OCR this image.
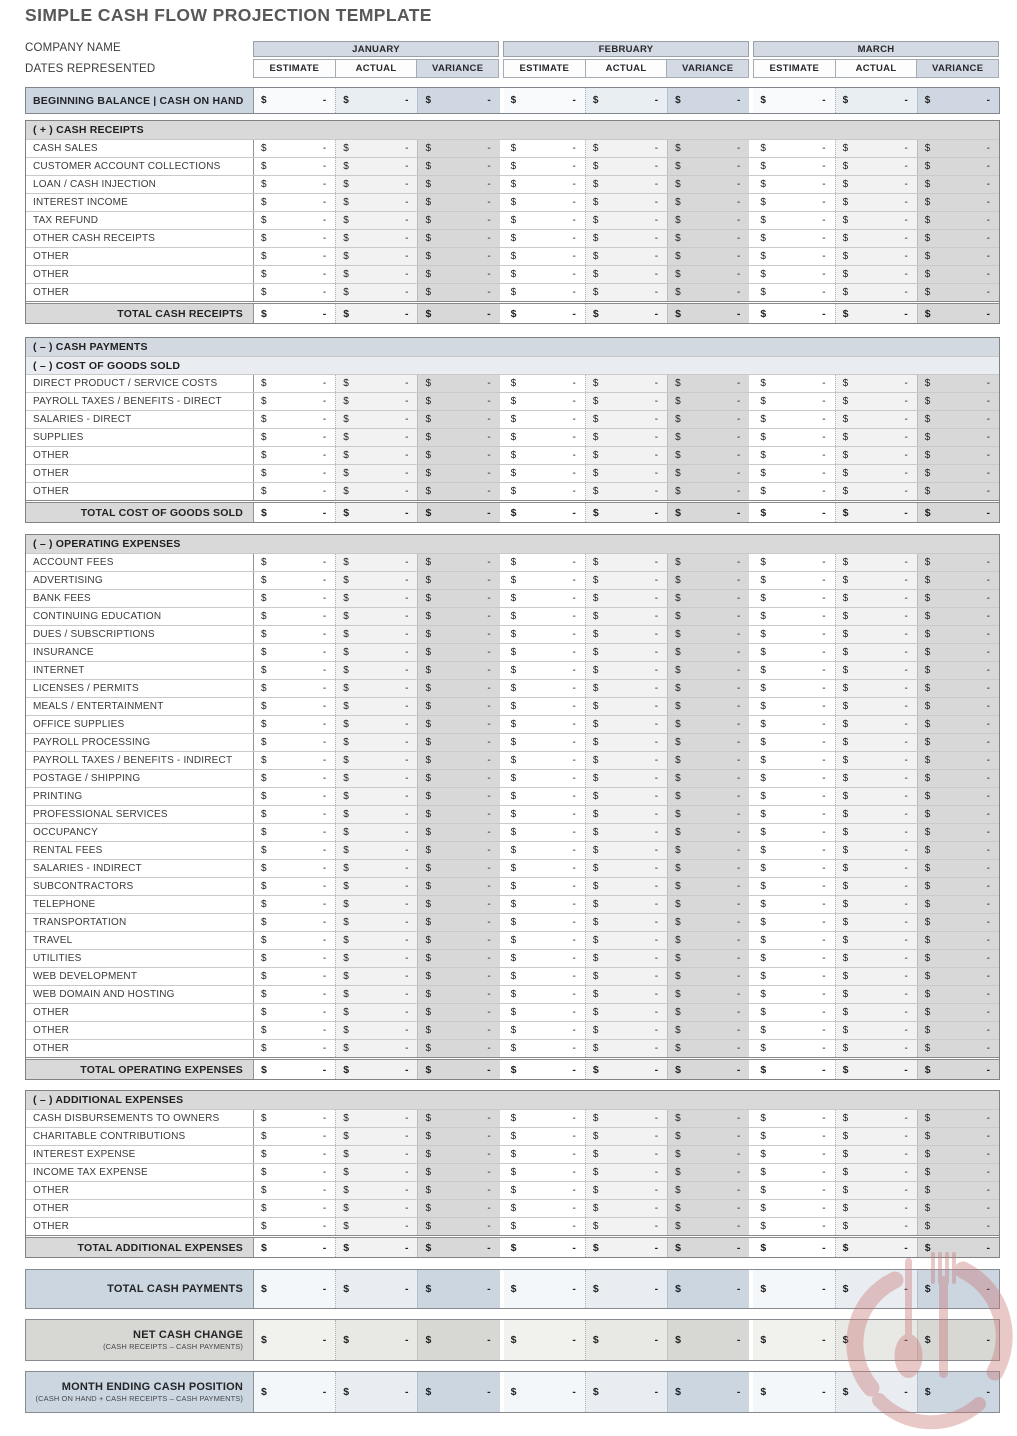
SIMPLE CASH FLOW PROJECTION TEMPLATE
COMPANY NAME
DATES REPRESENTED
JANUARY	FEBRUARY	MARCH
ESTIMATE	ACTUAL	VARIANCE	ESTIMATE	ACTUAL	VARIANCE	ESTIMATE	ACTUAL	VARIANCE
BEGINNING BALANCE | CASH ON HAND	$	- $	- $	- $	- $	- $	- $	- $	- $	-
( + ) CASH RECEIPTS
CASH SALES	$	- $	- $	- $	- $	- $	- $	- $	- $	-
CUSTOMER ACCOUNT COLLECTIONS	$	- $	- $	- $	- $	- $	- $	- $	- $	-
LOAN / CASH INJECTION	$	- $	- $	- $	- $	- $	- $	- $	- $	-
INTEREST INCOME	$	- $	- $	- $	- $	- $	- $	- $	- $	-
TAX REFUND	$	- $	- $	- $	- $	- $	- $	- $	- $	-
OTHER CASH RECEIPTS	$	- $	- $	- $	- $	- $	- $	- $	- $	-
OTHER	$	- $	- $	- $	- $	- $	- $	- $	- $	-
OTHER	$	- $	- $	- $	- $	- $	- $	- $	- $	-
OTHER	$	- $	- $	- $	- $	- $	- $	- $	- $	-
TOTAL CASH RECEIPTS	$	- $	- $	- $	- $	- $	- $	- $	- $	-
( – ) CASH PAYMENTS
( – ) COST OF GOODS SOLD
DIRECT PRODUCT / SERVICE COSTS	$	- $	- $	- $	- $	- $	- $	- $	- $	-
PAYROLL TAXES / BENEFITS - DIRECT	$	- $	- $	- $	- $	- $	- $	- $	- $	-
SALARIES - DIRECT	$	- $	- $	- $	- $	- $	- $	- $	- $	-
SUPPLIES	$	- $	- $	- $	- $	- $	- $	- $	- $	-
OTHER	$	- $	- $	- $	- $	- $	- $	- $	- $	-
OTHER	$	- $	- $	- $	- $	- $	- $	- $	- $	-
OTHER	$	- $	- $	- $	- $	- $	- $	- $	- $	-
TOTAL COST OF GOODS SOLD	$	- $	- $	- $	- $	- $	- $	- $	- $	-
( – ) OPERATING EXPENSES
ACCOUNT FEES	$	- $	- $	- $	- $	- $	- $	- $	- $	-
ADVERTISING	$	- $	- $	- $	- $	- $	- $	- $	- $	-
BANK FEES	$	- $	- $	- $	- $	- $	- $	- $	- $	-
CONTINUING EDUCATION	$	- $	- $	- $	- $	- $	- $	- $	- $	-
DUES / SUBSCRIPTIONS	$	- $	- $	- $	- $	- $	- $	- $	- $	-
INSURANCE	$	- $	- $	- $	- $	- $	- $	- $	- $	-
INTERNET	$	- $	- $	- $	- $	- $	- $	- $	- $	-
LICENSES / PERMITS	$	- $	- $	- $	- $	- $	- $	- $	- $	-
MEALS / ENTERTAINMENT	$	- $	- $	- $	- $	- $	- $	- $	- $	-
OFFICE SUPPLIES	$	- $	- $	- $	- $	- $	- $	- $	- $	-
PAYROLL PROCESSING	$	- $	- $	- $	- $	- $	- $	- $	- $	-
PAYROLL TAXES / BENEFITS - INDIRECT	$	- $	- $	- $	- $	- $	- $	- $	- $	-
POSTAGE / SHIPPING	$	- $	- $	- $	- $	- $	- $	- $	- $	-
PRINTING	$	- $	- $	- $	- $	- $	- $	- $	- $	-
PROFESSIONAL SERVICES	$	- $	- $	- $	- $	- $	- $	- $	- $	-
OCCUPANCY	$	- $	- $	- $	- $	- $	- $	- $	- $	-
RENTAL FEES	$	- $	- $	- $	- $	- $	- $	- $	- $	-
SALARIES - INDIRECT	$	- $	- $	- $	- $	- $	- $	- $	- $	-
SUBCONTRACTORS	$	- $	- $	- $	- $	- $	- $	- $	- $	-
TELEPHONE	$	- $	- $	- $	- $	- $	- $	- $	- $	-
TRANSPORTATION	$	- $	- $	- $	- $	- $	- $	- $	- $	-
TRAVEL	$	- $	- $	- $	- $	- $	- $	- $	- $	-
UTILITIES	$	- $	- $	- $	- $	- $	- $	- $	- $	-
WEB DEVELOPMENT	$	- $	- $	- $	- $	- $	- $	- $	- $	-
WEB DOMAIN AND HOSTING	$	- $	- $	- $	- $	- $	- $	- $	- $	-
OTHER	$	- $	- $	- $	- $	- $	- $	- $	- $	-
OTHER	$	- $	- $	- $	- $	- $	- $	- $	- $	-
OTHER	$	- $	- $	- $	- $	- $	- $	- $	- $	-
TOTAL OPERATING EXPENSES	$	- $	- $	- $	- $	- $	- $	- $	- $	-
( – ) ADDITIONAL EXPENSES
CASH DISBURSEMENTS TO OWNERS	$	- $	- $	- $	- $	- $	- $	- $	- $	-
CHARITABLE CONTRIBUTIONS	$	- $	- $	- $	- $	- $	- $	- $	- $	-
INTEREST EXPENSE	$	- $	- $	- $	- $	- $	- $	- $	- $	-
INCOME TAX EXPENSE	$	- $	- $	- $	- $	- $	- $	- $	- $	-
OTHER	$	- $	- $	- $	- $	- $	- $	- $	- $	-
OTHER	$	- $	- $	- $	- $	- $	- $	- $	- $	-
OTHER	$	- $	- $	- $	- $	- $	- $	- $	- $	-
TOTAL ADDITIONAL EXPENSES	$	- $	- $	- $	- $	- $	- $	- $	- $	-
TOTAL CASH PAYMENTS $	- $	- $	- $	- $	- $	- $	- $	- $	-
NET CASH CHANGE
(CASH RECEIPTS – CASH PAYMENTS)
$	- $	- $	- $	- $	- $	- $	- $	- $	-
MONTH ENDING CASH POSITION
(CASH ON HAND + CASH RECEIPTS – CASH PAYMENTS)
$	- $	- $	- $	- $	- $	- $	- $	- $	-
